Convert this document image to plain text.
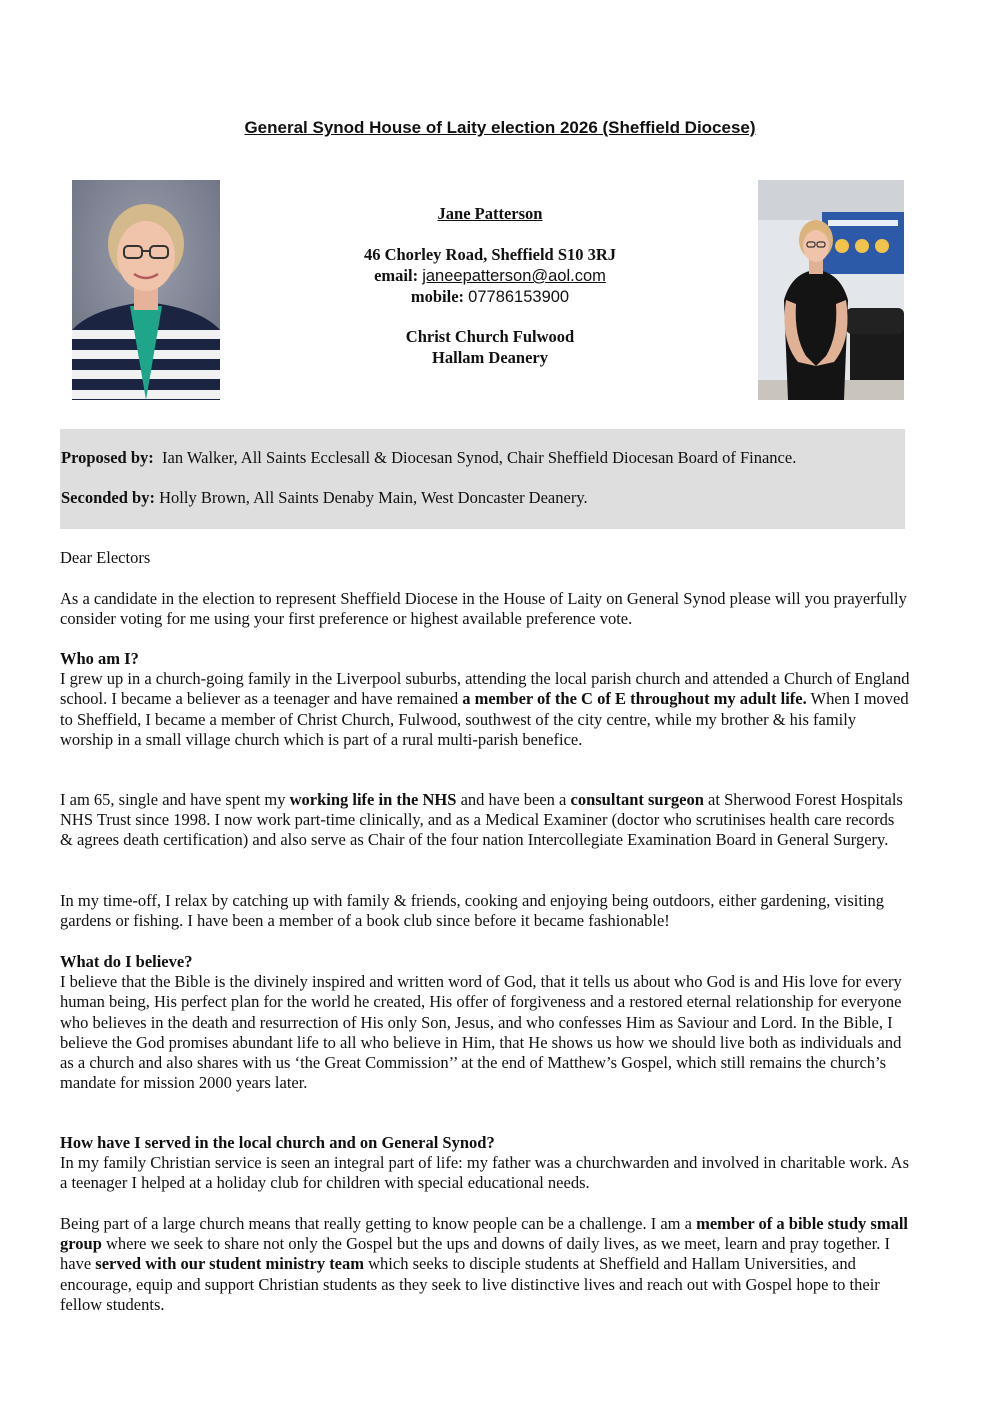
General Synod House of Laity election 2026 (Sheffield Diocese)
Jane Patterson
46 Chorley Road, Sheffield S10 3RJ
email: janeepatterson@aol.com
mobile: 07786153900
Christ Church Fulwood
Hallam Deanery

Proposed by: Ian Walker, All Saints Ecclesall & Diocesan Synod, Chair Sheffield Diocesan Board of Finance.

Seconded by: Holly Brown, All Saints Denaby Main, West Doncaster Deanery.

Dear Electors

As a candidate in the election to represent Sheffield Diocese in the House of Laity on General Synod please will you prayerfully consider voting for me using your first preference or highest available preference vote.

Who am I?

I grew up in a church-going family in the Liverpool suburbs, attending the local parish church and attended a Church of England school. I became a believer as a teenager and have remained a member of the C of E throughout my adult life. When I moved to Sheffield, I became a member of Christ Church, Fulwood, southwest of the city centre, while my brother & his family worship in a small village church which is part of a rural multi-parish benefice.

I am 65, single and have spent my working life in the NHS and have been a consultant surgeon at Sherwood Forest Hospitals NHS Trust since 1998. I now work part-time clinically, and as a Medical Examiner (doctor who scrutinises health care records & agrees death certification) and also serve as Chair of the four nation Intercollegiate Examination Board in General Surgery.

In my time-off, I relax by catching up with family & friends, cooking and enjoying being outdoors, either gardening, visiting gardens or fishing. I have been a member of a book club since before it became fashionable!

What do I believe?

I believe that the Bible is the divinely inspired and written word of God, that it tells us about who God is and His love for every human being, His perfect plan for the world he created, His offer of forgiveness and a restored eternal relationship for everyone who believes in the death and resurrection of His only Son, Jesus, and who confesses Him as Saviour and Lord. In the Bible, I believe the God promises abundant life to all who believe in Him, that He shows us how we should live both as individuals and as a church and also shares with us ‘the Great Commission’’ at the end of Matthew’s Gospel, which still remains the church’s mandate for mission 2000 years later.

How have I served in the local church and on General Synod?

In my family Christian service is seen an integral part of life: my father was a churchwarden and involved in charitable work. As a teenager I helped at a holiday club for children with special educational needs.

Being part of a large church means that really getting to know people can be a challenge. I am a member of a bible study small group where we seek to share not only the Gospel but the ups and downs of daily lives, as we meet, learn and pray together. I have served with our student ministry team which seeks to disciple students at Sheffield and Hallam Universities, and encourage, equip and support Christian students as they seek to live distinctive lives and reach out with Gospel hope to their fellow students.
